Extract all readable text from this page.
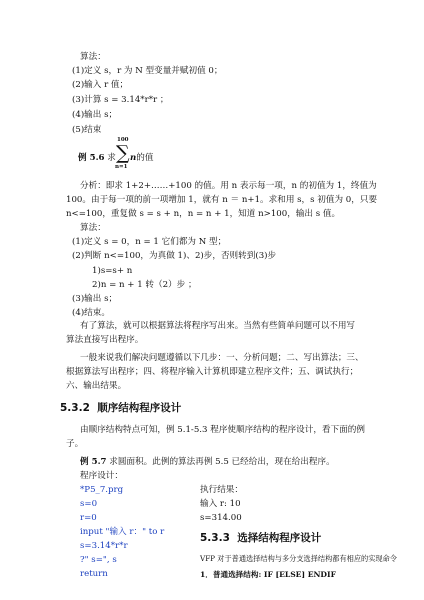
算法：
(1)定义 s，r 为 N 型变量并赋初值 0；
(2)输入 r 值；
(3)计算 s = 3.14*r*r ；
(4)输出 s；
(5)结束
例 5.6 求
100
∑
n=1
n的值
分析：即求 1+2+……+100 的值。用 n 表示每一项，n 的初值为 1，终值为
100。由于每一项的前一项增加 1，就有 n ＝ n+1。求和用 s，s 初值为 0，只要
n<=100，重复做 s = s + n，n = n + 1，知道 n>100，输出 s 值。
算法：
(1)定义 s = 0，n = 1 它们都为 N 型；
(2)判断 n<=100，为真做 1)、2)步，否则转到(3)步
1)s=s+ n
2)n = n + 1 转（2）步 ；
(3)输出 s；
(4)结束。
有了算法，就可以根据算法将程序写出来。当然有些简单问题可以不用写
算法直接写出程序。
一般来说我们解决问题遵循以下几步：一、分析问题；二、写出算法；三、
根据算法写出程序；四、将程序输入计算机即建立程序文件；五、调试执行；
六、输出结果。
5.3.2 顺序结构程序设计
由顺序结构特点可知，例 5.1-5.3 程序使顺序结构的程序设计，看下面的例
子。
例 5.7 求圆面积。此例的算法再例 5.5 已经给出，现在给出程序。
程序设计：
*P5_7.prg
s=0
r=0
input "输入 r：" to r
s=3.14*r*r
?" s=", s
return
执行结果：
输入 r: 10
s=314.00
5.3.3 选择结构程序设计
VFP 对于普通选择结构与多分支选择结构都有相应的实现命令
1．普通选择结构: IF [ELSE] ENDIF
